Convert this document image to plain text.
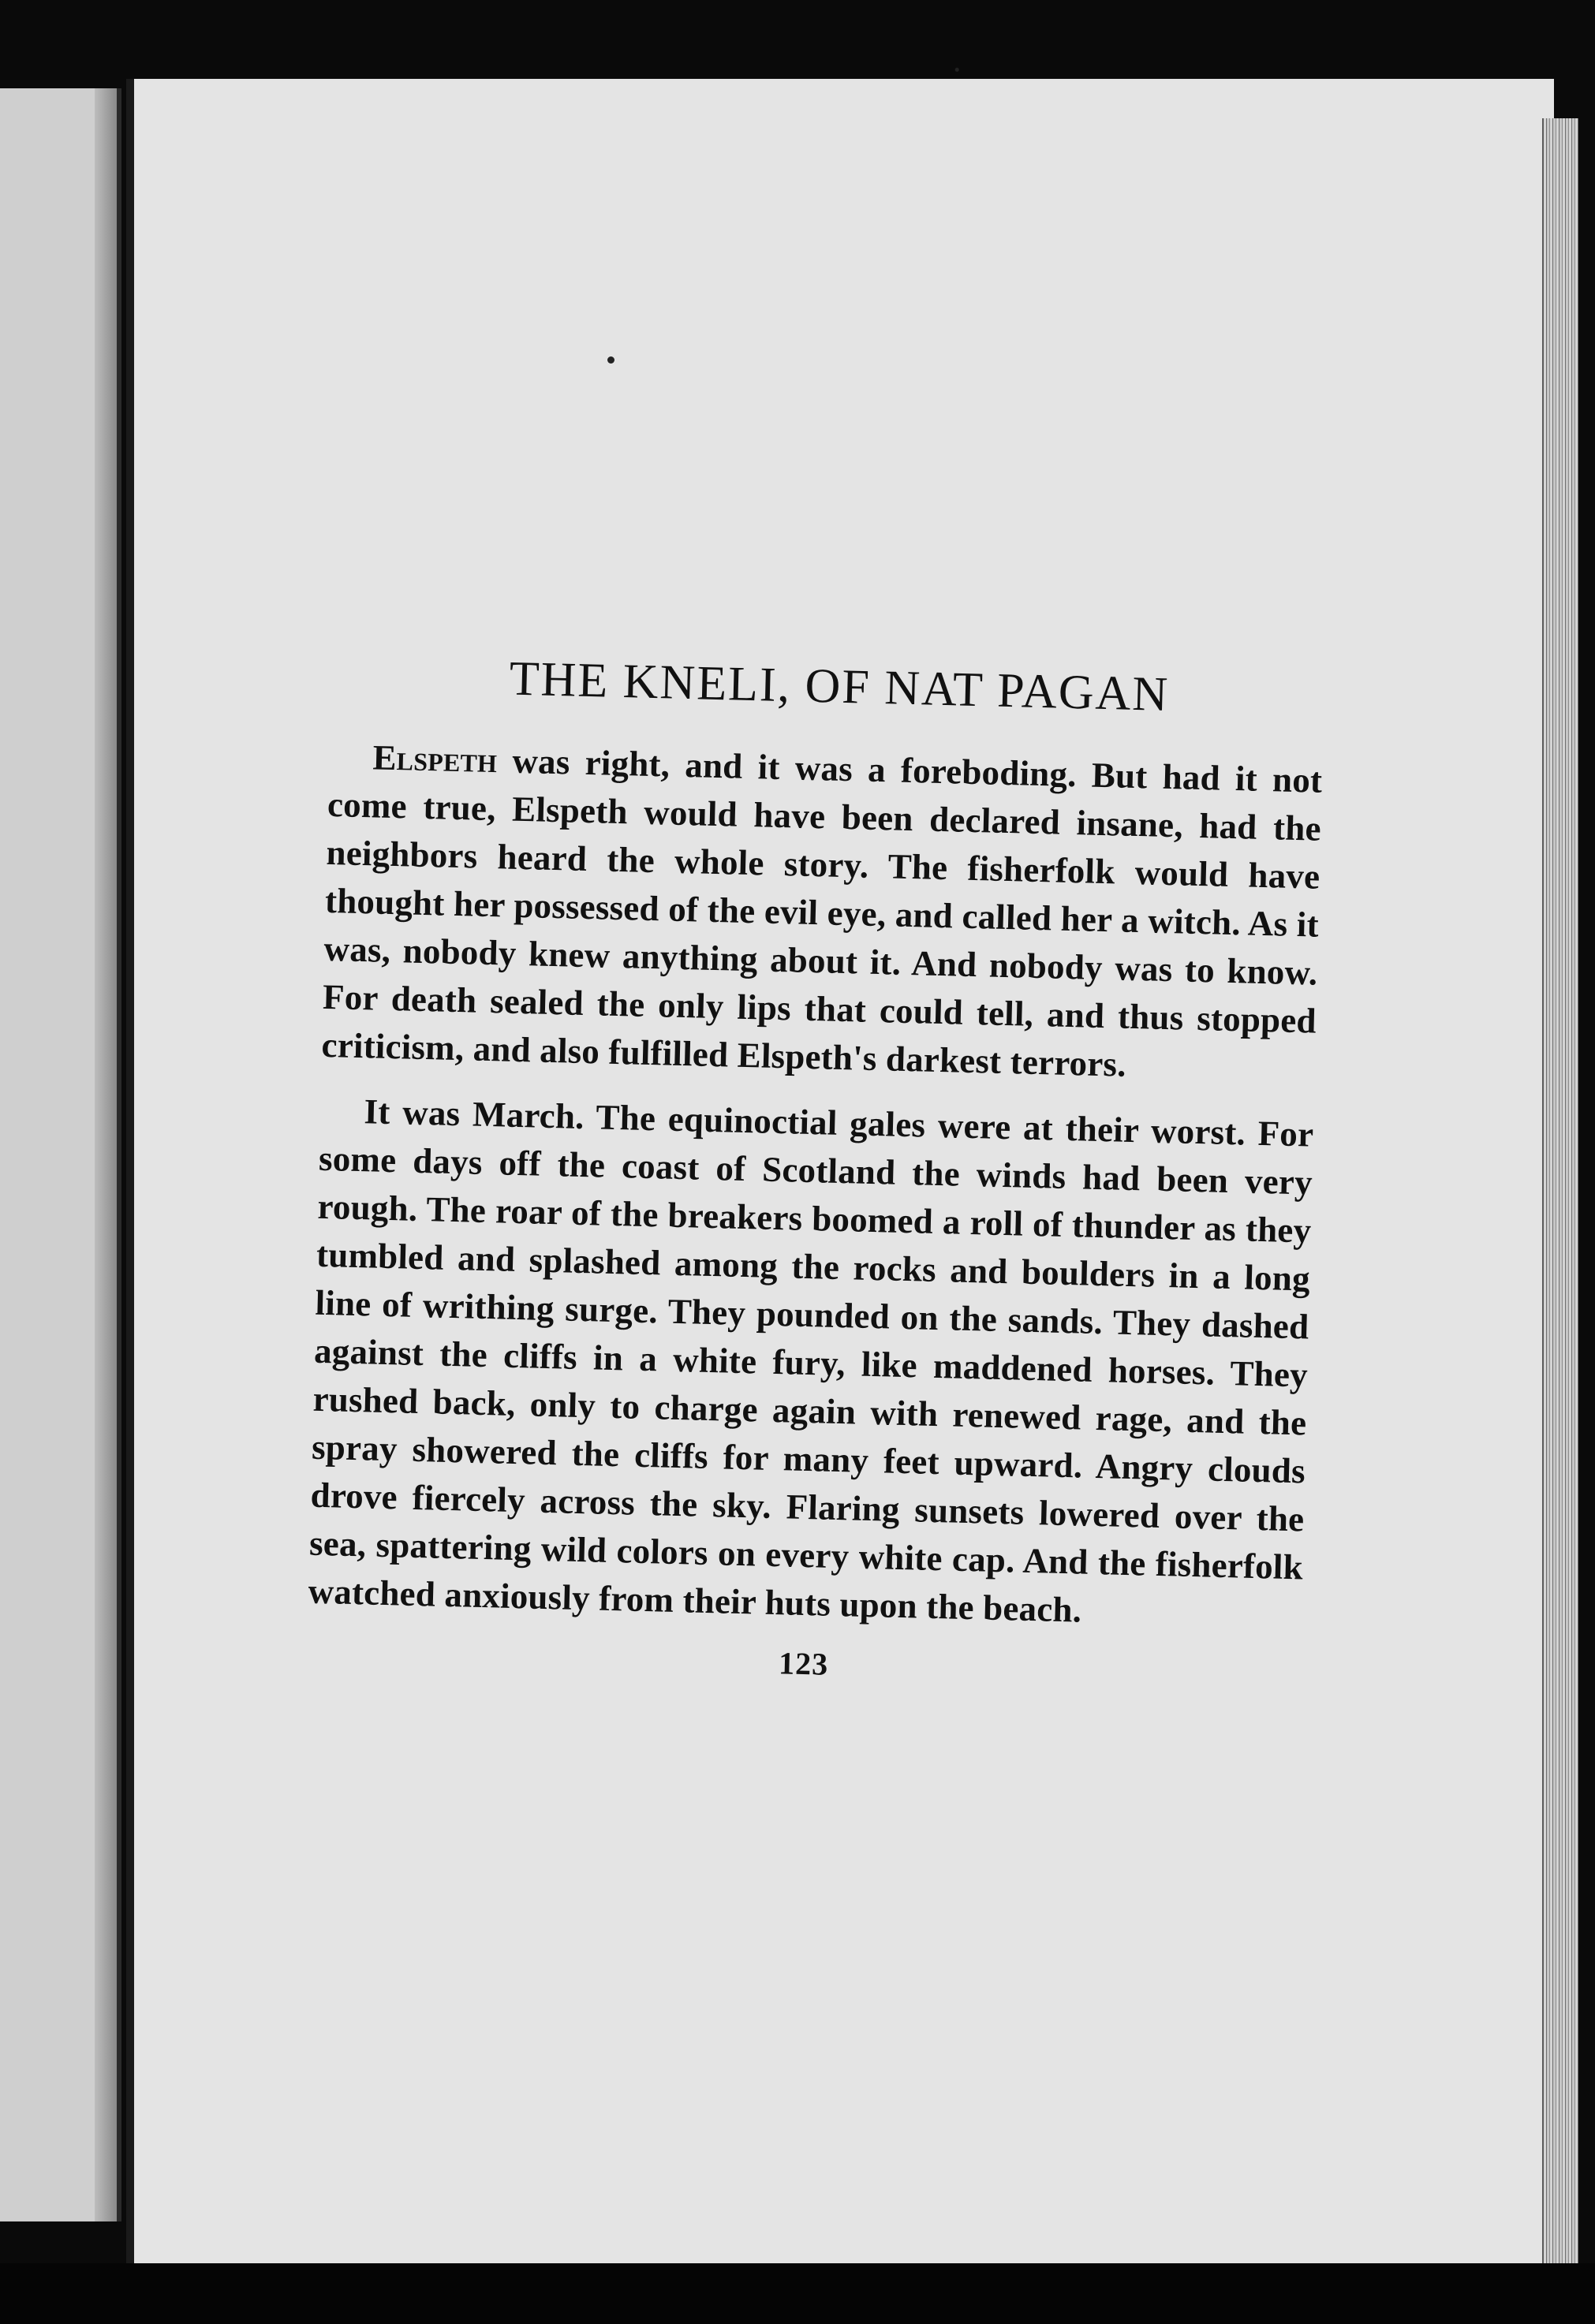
THE KNELI, OF NAT PAGAN

Elspeth was right, and it was a foreboding. But had it not come true, Elspeth would have been declared insane, had the neighbors heard the whole story. The fisherfolk would have thought her possessed of the evil eye, and called her a witch. As it was, nobody knew anything about it. And nobody was to know. For death sealed the only lips that could tell, and thus stopped criticism, and also fulfilled Elspeth's darkest terrors.

It was March. The equinoctial gales were at their worst. For some days off the coast of Scotland the winds had been very rough. The roar of the breakers boomed a roll of thunder as they tumbled and splashed among the rocks and boulders in a long line of writhing surge. They pounded on the sands. They dashed against the cliffs in a white fury, like maddened horses. They rushed back, only to charge again with renewed rage, and the spray showered the cliffs for many feet upward. Angry clouds drove fiercely across the sky. Flaring sunsets lowered over the sea, spattering wild colors on every white cap. And the fisherfolk watched anxiously from their huts upon the beach.

123
